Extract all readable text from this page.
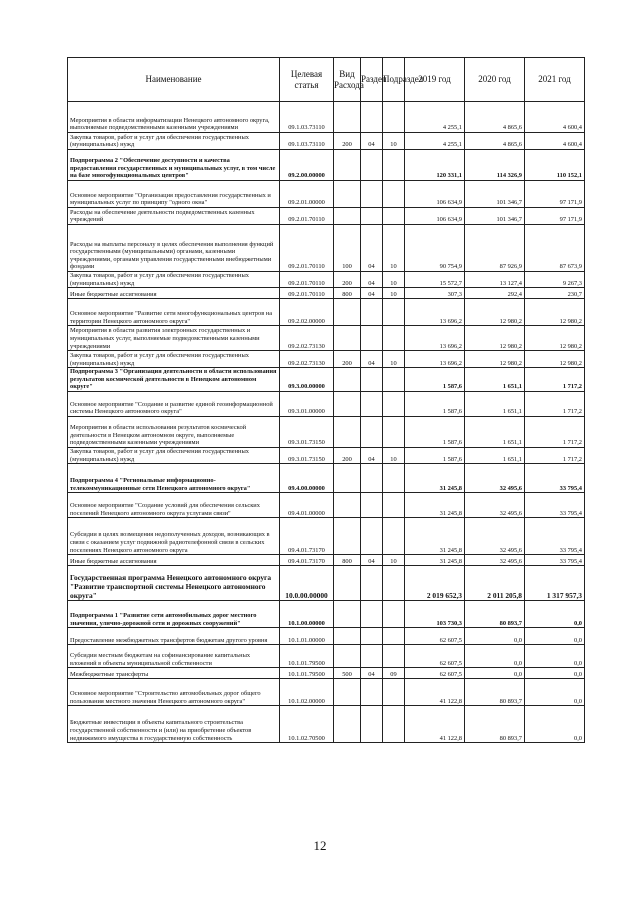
Наименование	Целевая статья	Вид Расхода	Раздел	Подраздел	2019 год	2020 год	2021 год
Мероприятия в области информатизации Ненецкого автономного округа, выполняемые подведомственными казенными учреждениями	09.1.03.73110				4 255,1	4 865,6	4 600,4
Закупка товаров, работ и услуг для обеспечения государственных (муниципальных) нужд	09.1.03.73110	200	04	10	4 255,1	4 865,6	4 600,4
Подпрограмма 2 "Обеспечение доступности и качества предоставления государственных и муниципальных услуг, в том числе на базе многофункциональных центров"	09.2.00.00000				120 331,1	114 326,9	110 152,1
Основное мероприятие "Организация предоставления государственных и муниципальных услуг по принципу "одного окна"	09.2.01.00000				106 634,9	101 346,7	97 171,9
Расходы на обеспечение деятельности подведомственных казенных учреждений	09.2.01.70110				106 634,9	101 346,7	97 171,9
Расходы на выплаты персоналу в целях обеспечения выполнения функций государственными (муниципальными) органами, казенными учреждениями, органами управления государственными внебюджетными фондами	09.2.01.70110	100	04	10	90 754,9	87 926,9	87 673,9
Закупка товаров, работ и услуг для обеспечения государственных (муниципальных) нужд	09.2.01.70110	200	04	10	15 572,7	13 127,4	9 267,3
Иные бюджетные ассигнования	09.2.01.70110	800	04	10	307,3	292,4	230,7
Основное мероприятие "Развитие сети многофункциональных центров на территории Ненецкого автономного округа"	09.2.02.00000				13 696,2	12 980,2	12 980,2
Мероприятия в области развития электронных государственных и муниципальных услуг, выполняемые подведомственными казенными учреждениями	09.2.02.73130				13 696,2	12 980,2	12 980,2
Закупка товаров, работ и услуг для обеспечения государственных (муниципальных) нужд	09.2.02.73130	200	04	10	13 696,2	12 980,2	12 980,2
Подпрограмма 3 "Организация деятельности в области использования результатов космической деятельности в Ненецком автономном округе"	09.3.00.00000				1 587,6	1 651,1	1 717,2
Основное мероприятие "Создание и развитие единой геоинформационной системы Ненецкого автономного округа"	09.3.01.00000				1 587,6	1 651,1	1 717,2
Мероприятия в области использования результатов космической деятельности в Ненецком автономном округе, выполняемые подведомственными казенными учреждениями	09.3.01.73150				1 587,6	1 651,1	1 717,2
Закупка товаров, работ и услуг для обеспечения государственных (муниципальных) нужд	09.3.01.73150	200	04	10	1 587,6	1 651,1	1 717,2
Подпрограмма 4 "Региональные информационно-телекоммуникационные сети Ненецкого автономного округа"	09.4.00.00000				31 245,8	32 495,6	33 795,4
Основное мероприятие "Создание условий для обеспечения сельских поселений Ненецкого автономного округа услугами связи"	09.4.01.00000				31 245,8	32 495,6	33 795,4
Субсидии в целях возмещения недополученных доходов, возникающих в связи с оказанием услуг подвижной радиотелефонной связи в сельских поселениях Ненецкого автономного округа	09.4.01.73170				31 245,8	32 495,6	33 795,4
Иные бюджетные ассигнования	09.4.01.73170	800	04	10	31 245,8	32 495,6	33 795,4
Государственная программа Ненецкого автономного округа "Развитие транспортной системы Ненецкого автономного округа"	10.0.00.00000				2 019 652,3	2 011 205,8	1 317 957,3
Подпрограмма 1 "Развитие сети автомобильных дорог местного значения, улично-дорожной сети и дорожных сооружений"	10.1.00.00000				103 730,3	80 893,7	0,0
Предоставление межбюджетных трансфертов бюджетам другого уровня	10.1.01.00000				62 607,5	0,0	0,0
Субсидии местным бюджетам на софинансирование капитальных вложений в объекты муниципальной собственности	10.1.01.79500				62 607,5	0,0	0,0
Межбюджетные трансферты	10.1.01.79500	500	04	09	62 607,5	0,0	0,0
Основное мероприятие "Строительство автомобильных дорог общего пользования местного значения Ненецкого автономного округа"	10.1.02.00000				41 122,8	80 893,7	0,0
Бюджетные инвестиции в объекты капитального строительства государственной собственности и (или) на приобретение объектов недвижимого имущества в государственную собственность	10.1.02.70500				41 122,8	80 893,7	0,0
12
